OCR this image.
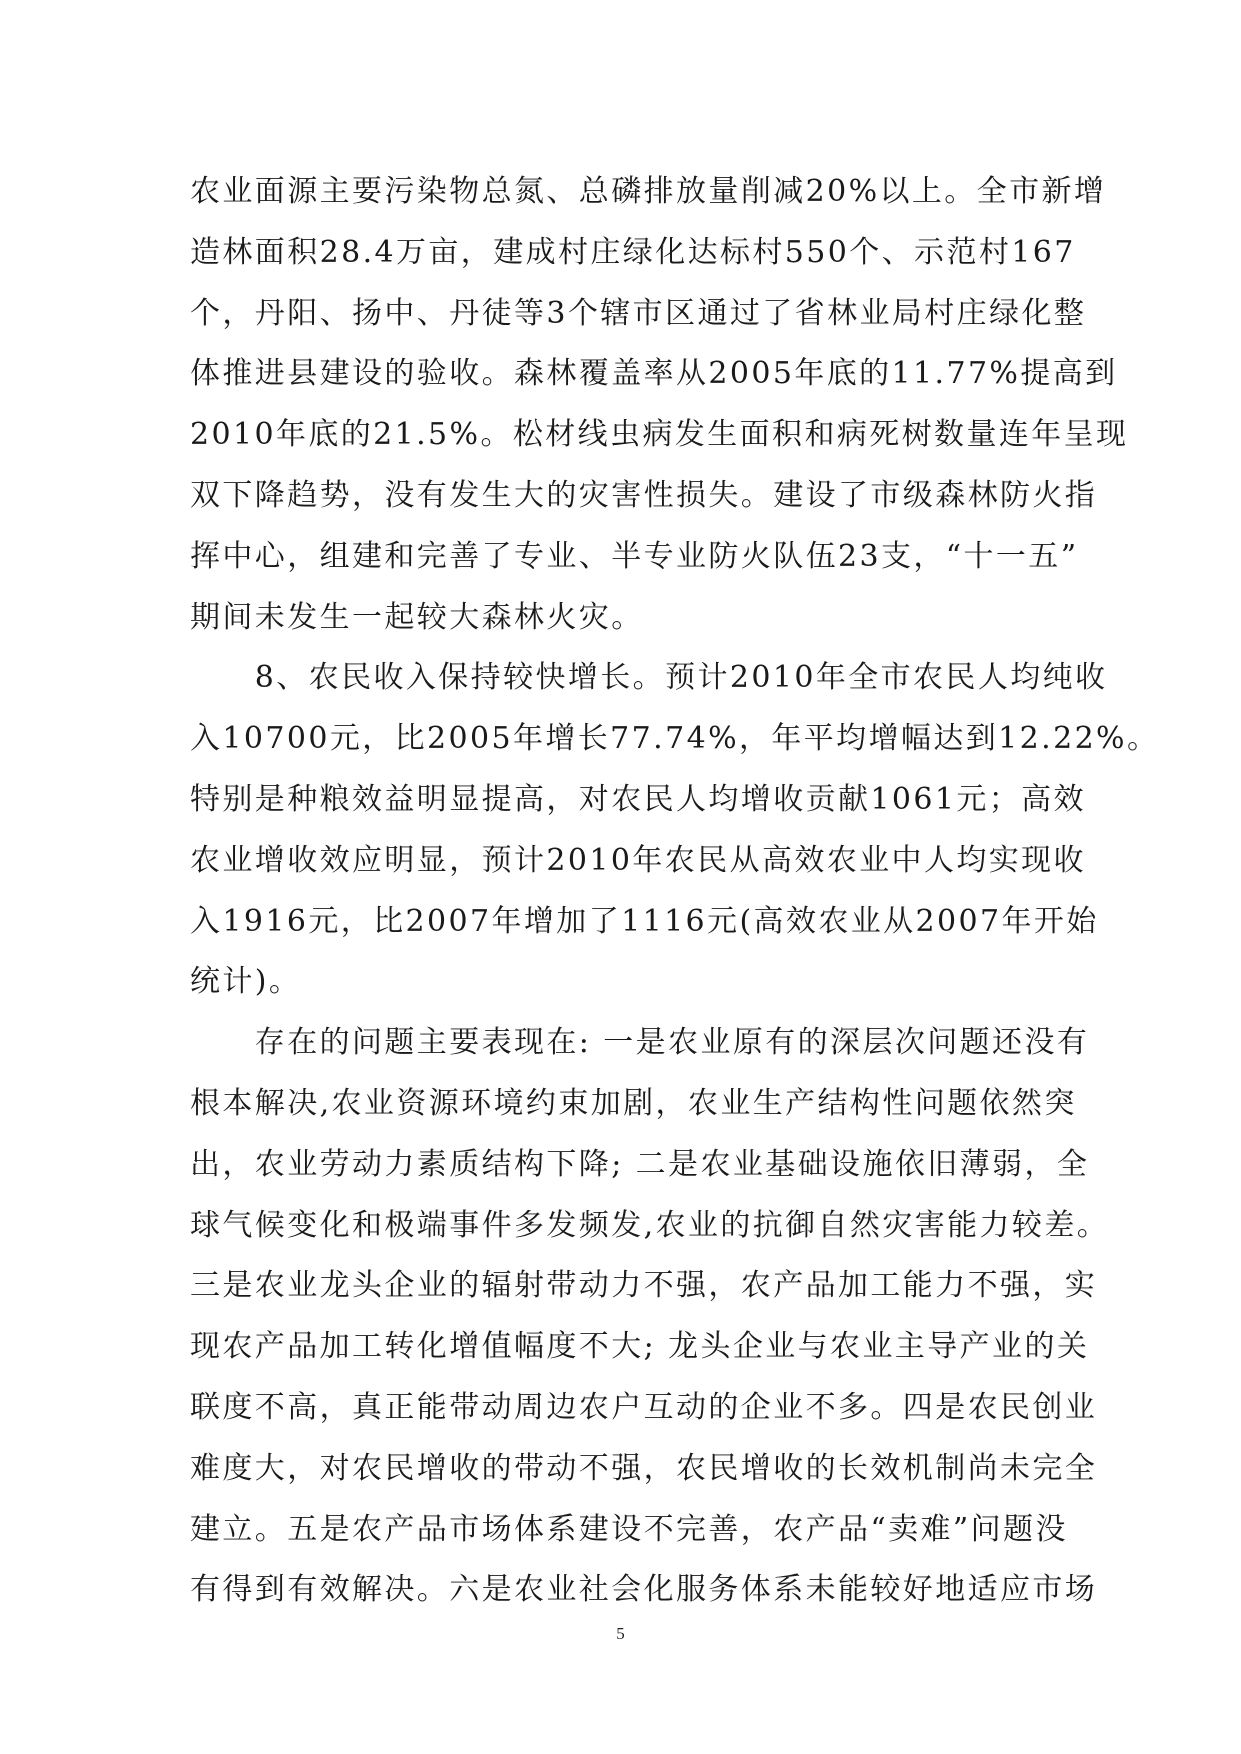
农业面源主要污染物总氮、总磷排放量削减20%以上。全市新增
造林面积28.4万亩，建成村庄绿化达标村550个、示范村167
个，丹阳、扬中、丹徒等3个辖市区通过了省林业局村庄绿化整
体推进县建设的验收。森林覆盖率从2005年底的11.77%提高到
2010年底的21.5%。松材线虫病发生面积和病死树数量连年呈现
双下降趋势，没有发生大的灾害性损失。建设了市级森林防火指
挥中心，组建和完善了专业、半专业防火队伍23支，“十一五”
期间未发生一起较大森林火灾。
　　8、农民收入保持较快增长。预计2010年全市农民人均纯收
入10700元，比2005年增长77.74%，年平均增幅达到12.22%。
特别是种粮效益明显提高，对农民人均增收贡献1061元；高效
农业增收效应明显，预计2010年农民从高效农业中人均实现收
入1916元，比2007年增加了1116元(高效农业从2007年开始
统计)。
　　存在的问题主要表现在: 一是农业原有的深层次问题还没有
根本解决,农业资源环境约束加剧，农业生产结构性问题依然突
出，农业劳动力素质结构下降; 二是农业基础设施依旧薄弱，全
球气候变化和极端事件多发频发,农业的抗御自然灾害能力较差。
三是农业龙头企业的辐射带动力不强，农产品加工能力不强，实
现农产品加工转化增值幅度不大; 龙头企业与农业主导产业的关
联度不高，真正能带动周边农户互动的企业不多。四是农民创业
难度大，对农民增收的带动不强，农民增收的长效机制尚未完全
建立。五是农产品市场体系建设不完善，农产品“卖难”问题没
有得到有效解决。六是农业社会化服务体系未能较好地适应市场
5
